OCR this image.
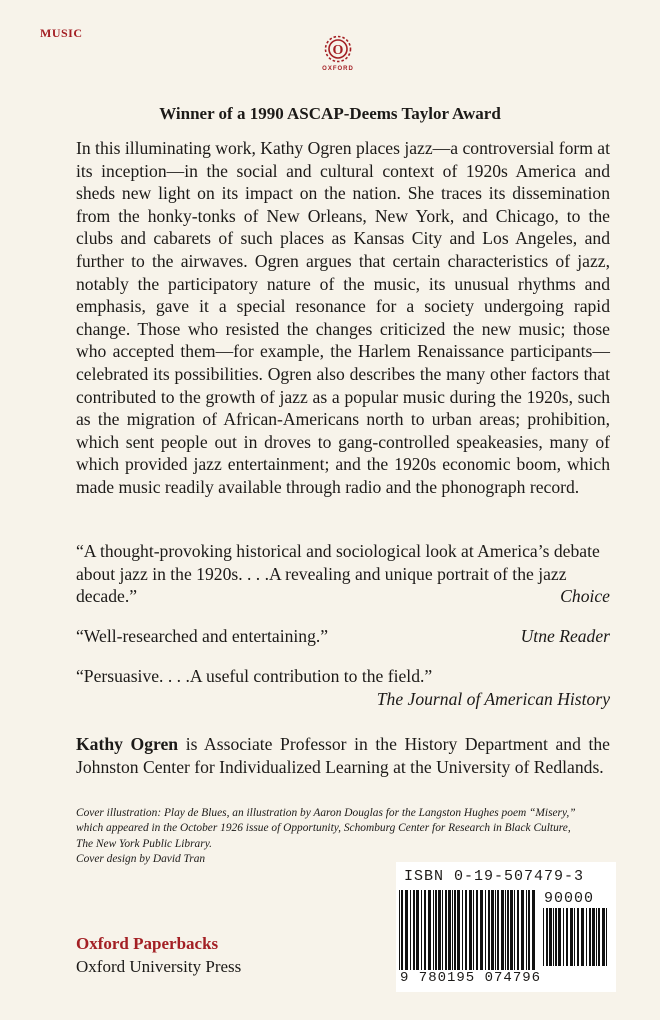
MUSIC
O
OXFORD
Winner of a 1990 ASCAP-Deems Taylor Award

In this illuminating work, Kathy Ogren places jazz—a controversial form at its inception—in the social and cultural context of 1920s America and sheds new light on its impact on the nation. She traces its dissemination from the honky-tonks of New Orleans, New York, and Chicago, to the clubs and cabarets of such places as Kansas City and Los Angeles, and further to the airwaves. Ogren argues that certain characteristics of jazz, notably the participatory nature of the music, its unusual rhythms and emphasis, gave it a special resonance for a society undergoing rapid change. Those who resisted the changes criticized the new music; those who accepted them—for example, the Harlem Renaissance participants—celebrated its possibilities. Ogren also describes the many other factors that contributed to the growth of jazz as a popular music during the 1920s, such as the migration of African-Americans north to urban areas; prohibition, which sent people out in droves to gang-controlled speakeasies, many of which provided jazz entertainment; and the 1920s economic boom, which made music readily available through radio and the phonograph record.

“A thought-provoking historical and sociological look at America’s debate about jazz in the 1920s. . . .A revealing and unique portrait of the jazz decade.”	Choice
“Well-researched and entertaining.”	Utne Reader
“Persuasive. . . .A useful contribution to the field.”
The Journal of American History

Kathy Ogren is Associate Professor in the History Department and the Johnston Center for Individualized Learning at the University of Redlands.

Cover illustration: Play de Blues, an illustration by Aaron Douglas for the Langston Hughes poem “Misery,”
which appeared in the October 1926 issue of Opportunity, Schomburg Center for Research in Black Culture,
The New York Public Library.
Cover design by David Tran
Oxford Paperbacks
Oxford University Press
ISBN 0-19-507479-3
90000
9 780195 074796
